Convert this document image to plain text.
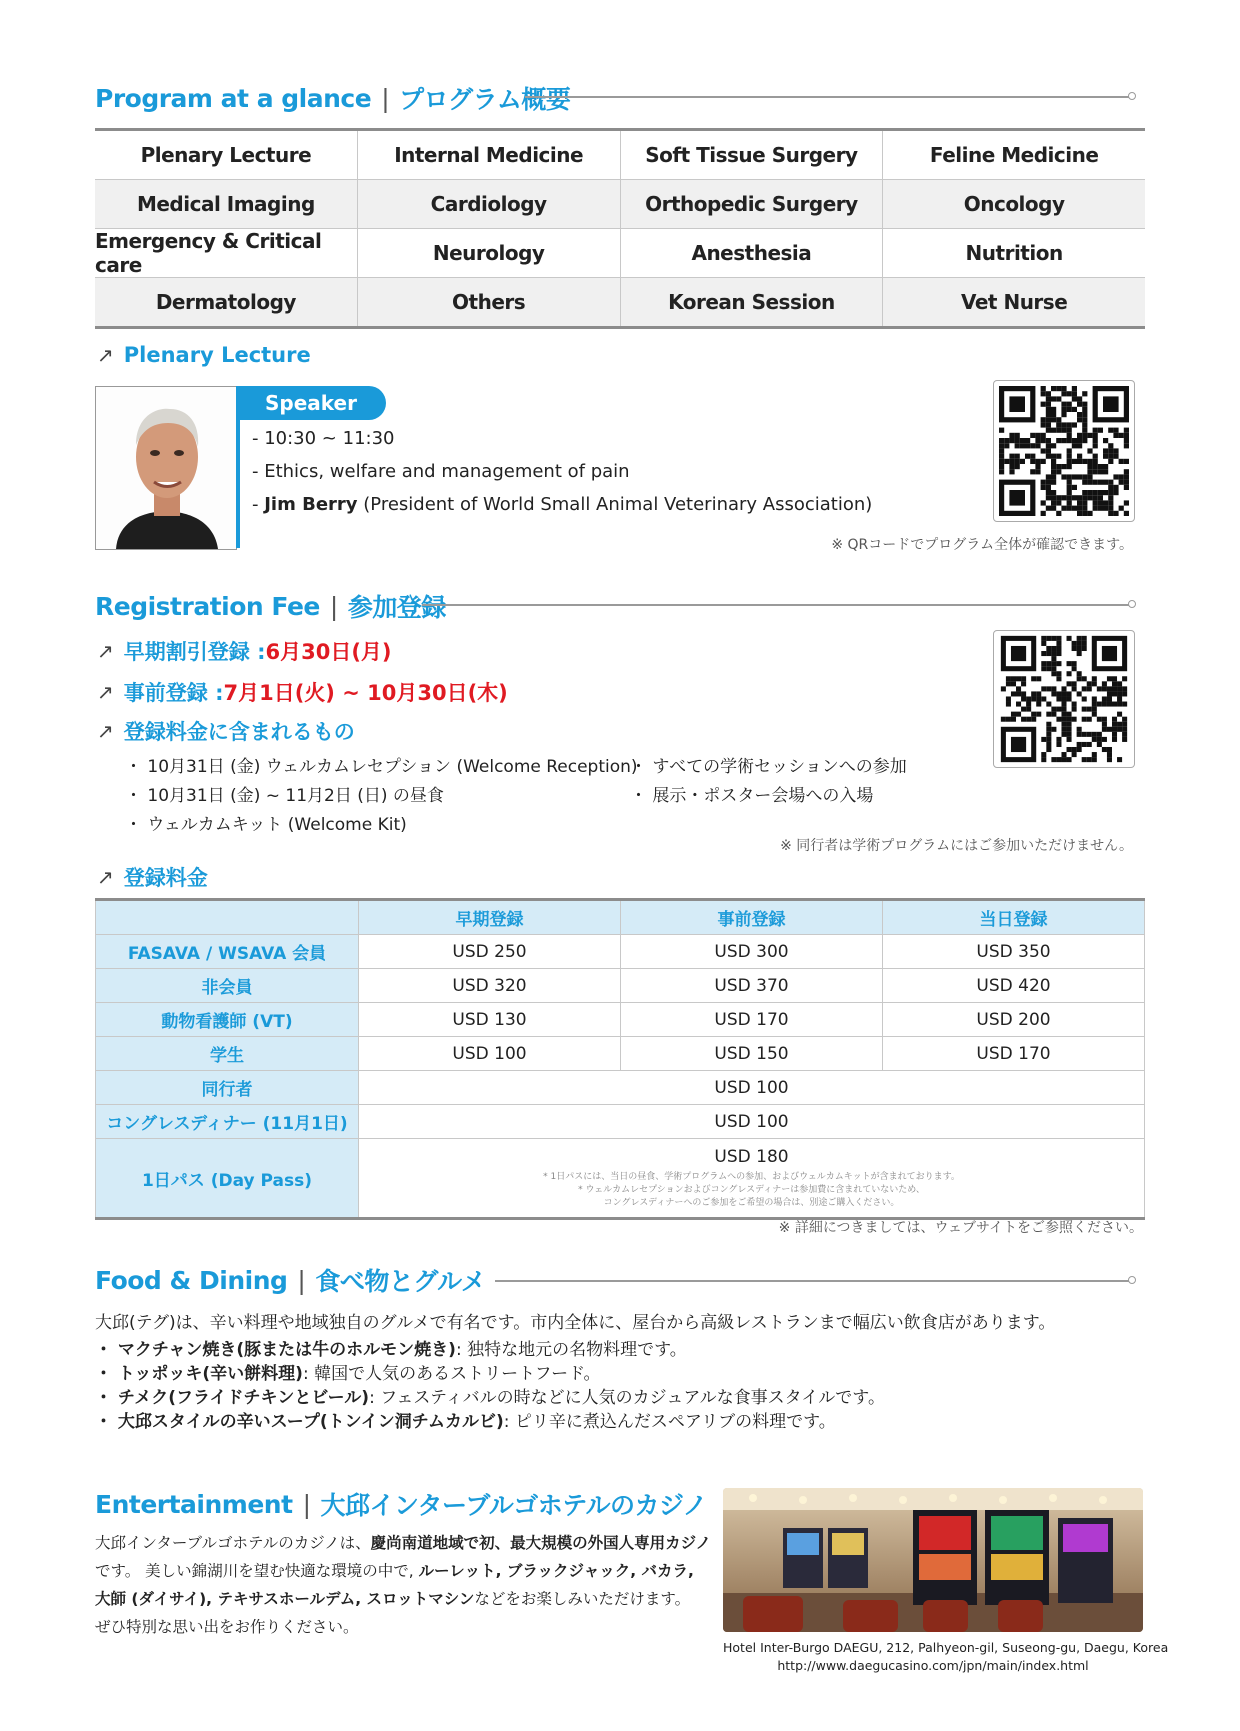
Program at a glance | プログラム概要
Plenary Lecture	Internal Medicine	Soft Tissue Surgery	Feline Medicine
Medical Imaging	Cardiology	Orthopedic Surgery	Oncology
Emergency & Critical care	Neurology	Anesthesia	Nutrition
Dermatology	Others	Korean Session	Vet Nurse
↗ Plenary Lecture
Speaker
- 10:30 ~ 11:30
- Ethics, welfare and management of pain
- Jim Berry (President of World Small Animal Veterinary Association)
※ QRコードでプログラム全体が確認できます。
Registration Fee | 参加登録
↗ 早期割引登録 : 6月30日(月)
↗ 事前登録 : 7月1日(火) ~ 10月30日(木)
↗ 登録料金に含まれるもの
・ 10月31日 (金) ウェルカムレセプション (Welcome Reception)
・ 10月31日 (金) ~ 11月2日 (日) の昼食
・ ウェルカムキット (Welcome Kit)
・ すべての学術セッションへの参加
・ 展示・ポスター会場への入場
※ 同行者は学術プログラムにはご参加いただけません。
↗ 登録料金
	早期登録	事前登録	当日登録
FASAVA / WSAVA 会員	USD 250	USD 300	USD 350
非会員	USD 320	USD 370	USD 420
動物看護師 (VT)	USD 130	USD 170	USD 200
学生	USD 100	USD 150	USD 170
同行者	USD 100		
コングレスディナー (11月1日)	USD 100		
1日パス (Day Pass)	USD 180
* 1日パスには、当日の昼食、学術プログラムへの参加、およびウェルカムキットが含まれております。
* ウェルカムレセプションおよびコングレスディナーは参加費に含まれていないため、
コングレスディナーへのご参加をご希望の場合は、別途ご購入ください。		
※ 詳細につきましては、ウェブサイトをご参照ください。
Food & Dining | 食べ物とグルメ
大邱(テグ)は、辛い料理や地域独自のグルメで有名です。市内全体に、屋台から高級レストランまで幅広い飲食店があります。
・ マクチャン焼き(豚または牛のホルモン焼き): 独特な地元の名物料理です。
・ トッポッキ(辛い餅料理): 韓国で人気のあるストリートフード。
・ チメク(フライドチキンとビール): フェスティバルの時などに人気のカジュアルな食事スタイルです。
・ 大邱スタイルの辛いスープ(トンイン洞チムカルビ): ピリ辛に煮込んだスペアリブの料理です。
Entertainment | 大邱インターブルゴホテルのカジノ
大邱インターブルゴホテルのカジノは、慶尚南道地域で初、最大規模の外国人専用カジノ
です。 美しい錦湖川を望む快適な環境の中で, ルーレット, ブラックジャック, バカラ,
大師 (ダイサイ), テキサスホールデム, スロットマシンなどをお楽しみいただけます。
ぜひ特別な思い出をお作りください。
Hotel Inter-Burgo DAEGU, 212, Palhyeon-gil, Suseong-gu, Daegu, Korea
http://www.daegucasino.com/jpn/main/index.html
